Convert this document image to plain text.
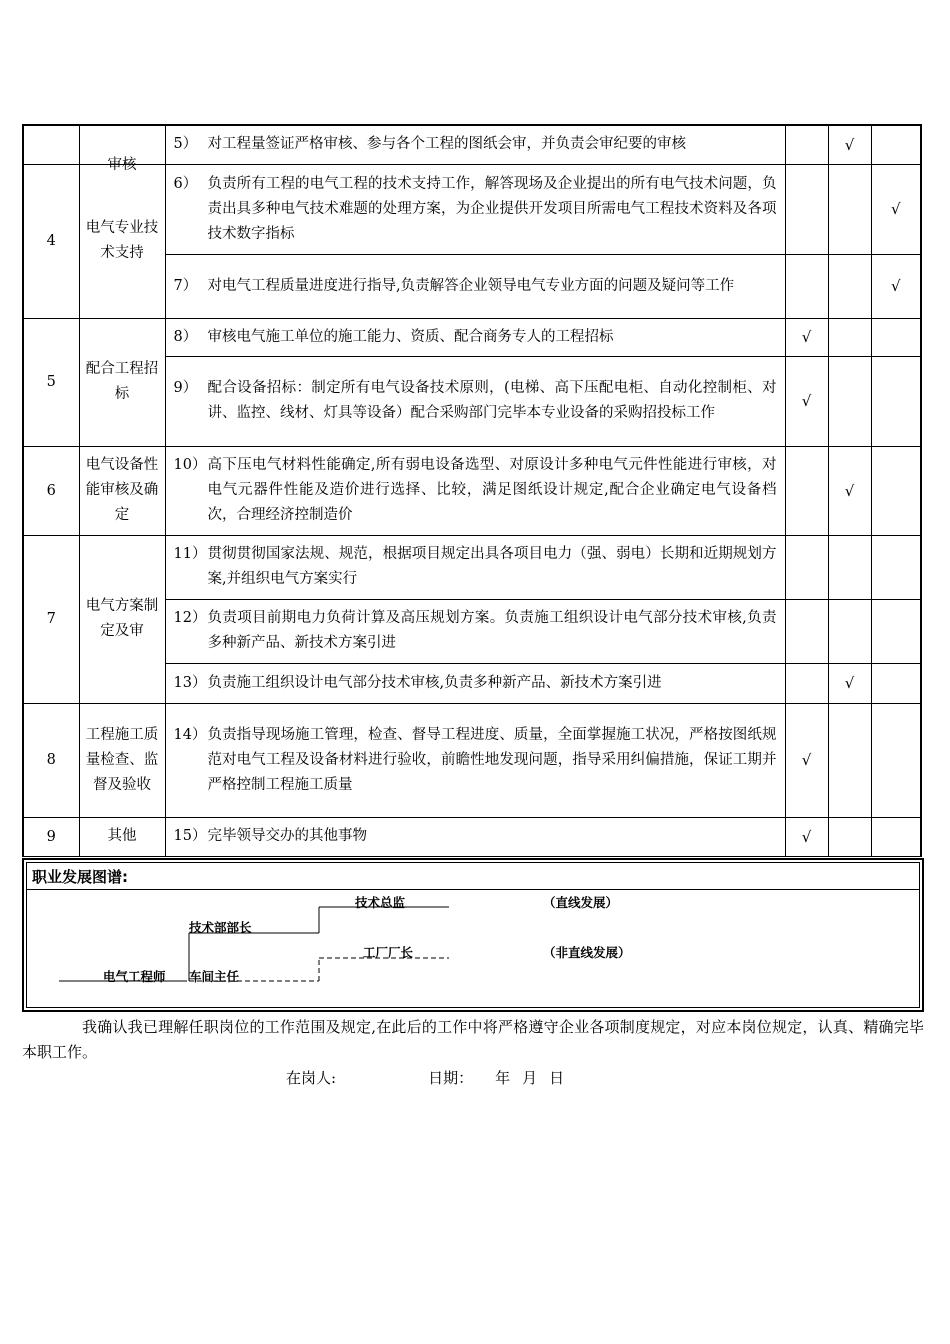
	审核	5） 对工程量签证严格审核、参与各个工程的图纸会审，并负责会审纪要的审核		√	
4	电气专业技术支持	6） 负责所有工程的电气工程的技术支持工作，解答现场及企业提出的所有电气技术问题，负责出具多种电气技术难题的处理方案，为企业提供开发项目所需电气工程技术资料及各项技术数字指标			√

		7） 对电气工程质量进度进行指导,负责解答企业领导电气专业方面的问题及疑问等工作			√
5	配合工程招标	8） 审核电气施工单位的施工能力、资质、配合商务专人的工程招标	√		

		9） 配合设备招标：制定所有电气设备技术原则，(电梯、高下压配电柜、自动化控制柜、对讲、监控、线材、灯具等设备）配合采购部门完毕本专业设备的采购招投标工作	√		
6	电气设备性能审核及确定	10） 高下压电气材料性能确定,所有弱电设备选型、对原设计多种电气元件性能进行审核，对电气元器件性能及造价进行选择、比较，满足图纸设计规定,配合企业确定电气设备档次，合理经济控制造价		√	
7	电气方案制定及审	11） 贯彻贯彻国家法规、规范，根据项目规定出具各项目电力（强、弱电）长期和近期规划方案,并组织电气方案实行			

		12） 负责项目前期电力负荷计算及高压规划方案。负责施工组织设计电气部分技术审核,负责多种新产品、新技术方案引进			

		13） 负责施工组织设计电气部分技术审核,负责多种新产品、新技术方案引进		√	
8	工程施工质量检查、监督及验收	14） 负责指导现场施工管理，检查、督导工程进度、质量，全面掌握施工状况，严格按图纸规范对电气工程及设备材料进行验收，前瞻性地发现问题，指导采用纠偏措施，保证工期并严格控制工程施工质量	√		
9	其他	15） 完毕领导交办的其他事物	√		
职业发展图谱:
电气工程师 车间主任
技术部部长
技术总监
工厂厂长
（直线发展）
（非直线发展）
我确认我已理解任职岗位的工作范围及规定,在此后的工作中将严格遵守企业各项制度规定，对应本岗位规定，认真、精确完毕本职工作。
在岗人:	日期： 年 月 日
